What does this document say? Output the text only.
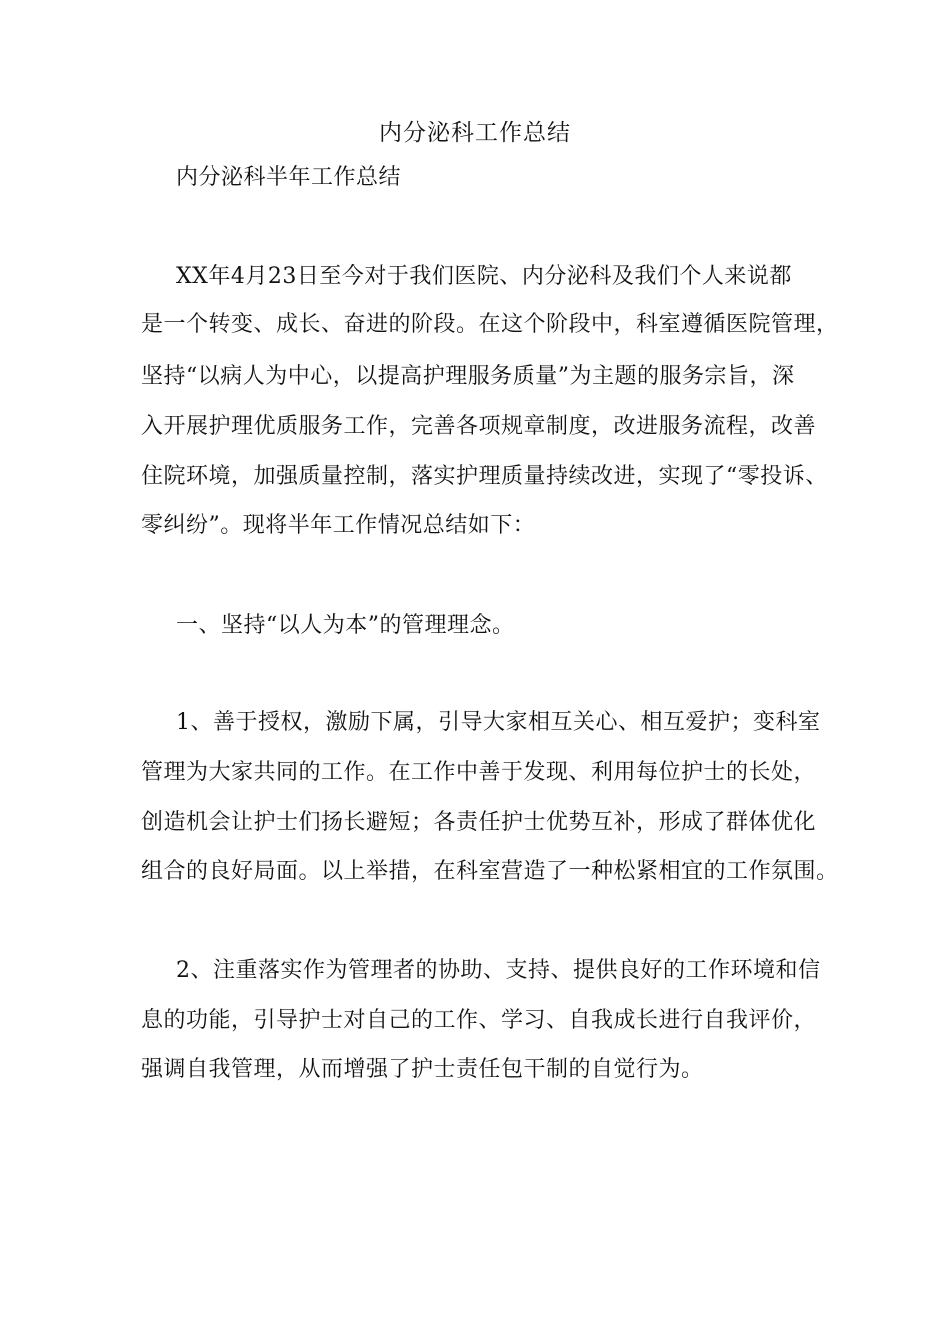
内分泌科工作总结
内分泌科半年工作总结
XX年4月23日至今对于我们医院、内分泌科及我们个人来说都
是一个转变、成长、奋进的阶段。在这个阶段中，科室遵循医院管理，
坚持“以病人为中心，以提高护理服务质量”为主题的服务宗旨，深
入开展护理优质服务工作，完善各项规章制度，改进服务流程，改善
住院环境，加强质量控制，落实护理质量持续改进，实现了“零投诉、
零纠纷”。现将半年工作情况总结如下：
一、坚持“以人为本”的管理理念。
1、善于授权，激励下属，引导大家相互关心、相互爱护；变科室
管理为大家共同的工作。在工作中善于发现、利用每位护士的长处，
创造机会让护士们扬长避短；各责任护士优势互补，形成了群体优化
组合的良好局面。以上举措，在科室营造了一种松紧相宜的工作氛围。
2、注重落实作为管理者的协助、支持、提供良好的工作环境和信
息的功能，引导护士对自己的工作、学习、自我成长进行自我评价，
强调自我管理，从而增强了护士责任包干制的自觉行为。
